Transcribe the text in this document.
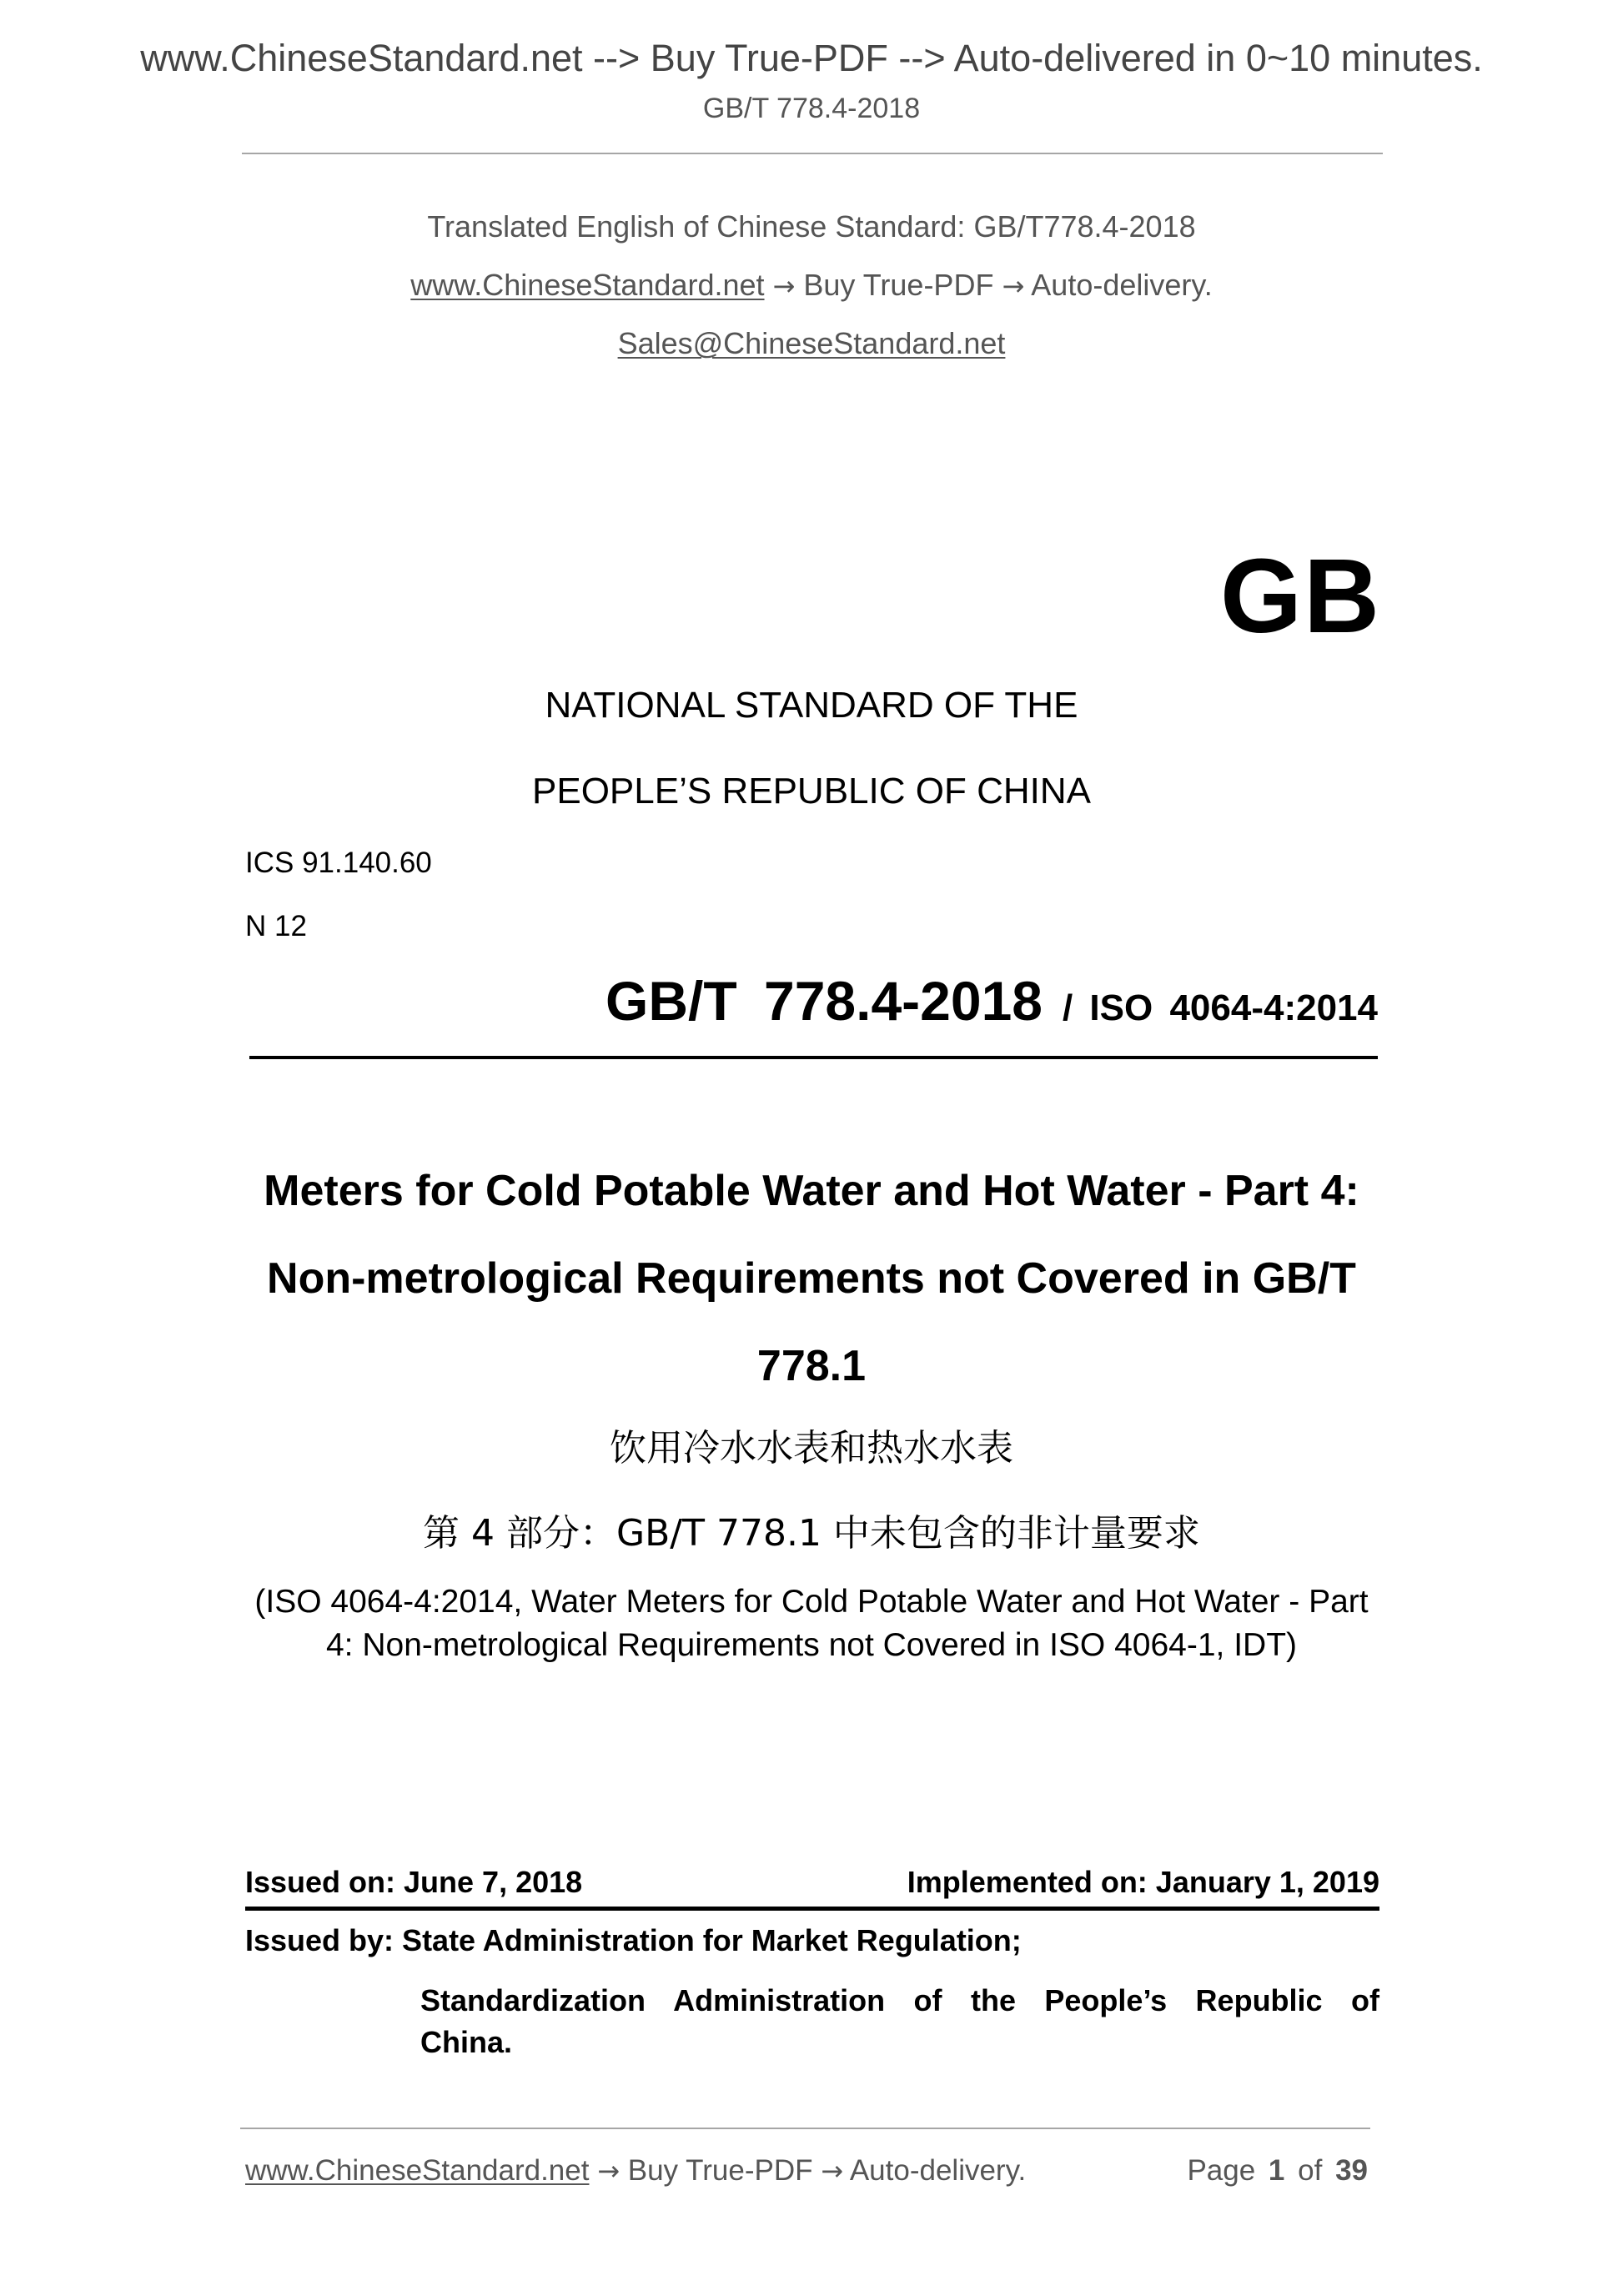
www.ChineseStandard.net --> Buy True-PDF --> Auto-delivered in 0~10 minutes.
GB/T 778.4-2018
Translated English of Chinese Standard: GB/T778.4-2018
www.ChineseStandard.net → Buy True-PDF → Auto-delivery.
Sales@ChineseStandard.net
GB
NATIONAL STANDARD OF THE
PEOPLE’S REPUBLIC OF CHINA
ICS 91.140.60
N 12
GB/T 778.4-2018 / ISO 4064-4:2014
Meters for Cold Potable Water and Hot Water - Part 4:
Non-metrological Requirements not Covered in GB/T
778.1
饮用冷水水表和热水水表
第 4 部分：GB/T 778.1 中未包含的非计量要求
(ISO 4064-4:2014, Water Meters for Cold Potable Water and Hot Water - Part
4: Non-metrological Requirements not Covered in ISO 4064-1, IDT)
Issued on: June 7, 2018	Implemented on: January 1, 2019
Issued by: State Administration for Market Regulation;
Standardization Administration of the People’s Republic of
China.
www.ChineseStandard.net → Buy True-PDF → Auto-delivery.	Page 1 of 39
